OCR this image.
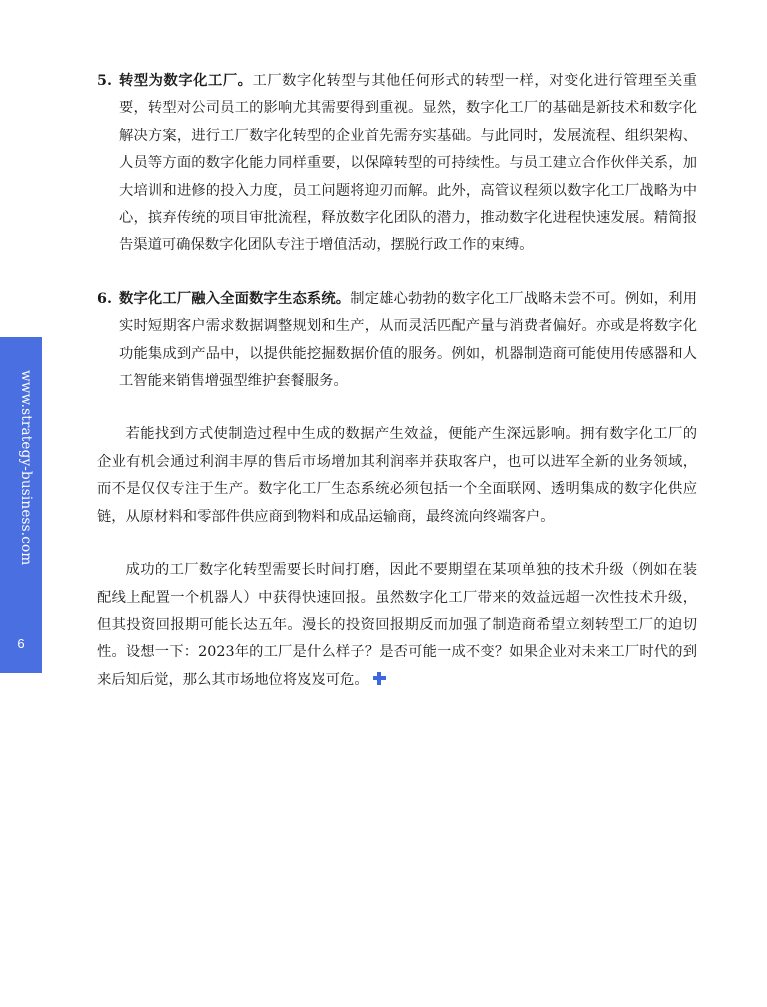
www.strategy-business.com
6
5. 转型为数字化工厂。工厂数字化转型与其他任何形式的转型一样，对变化进行管理至关重要，转型对公司员工的影响尤其需要得到重视。显然，数字化工厂的基础是新技术和数字化解决方案，进行工厂数字化转型的企业首先需夯实基础。与此同时，发展流程、组织架构、人员等方面的数字化能力同样重要，以保障转型的可持续性。与员工建立合作伙伴关系，加大培训和进修的投入力度，员工问题将迎刃而解。此外，高管议程须以数字化工厂战略为中心，摈弃传统的项目审批流程，释放数字化团队的潜力，推动数字化进程快速发展。精简报告渠道可确保数字化团队专注于增值活动，摆脱行政工作的束缚。
6. 数字化工厂融入全面数字生态系统。制定雄心勃勃的数字化工厂战略未尝不可。例如，利用实时短期客户需求数据调整规划和生产，从而灵活匹配产量与消费者偏好。亦或是将数字化功能集成到产品中，以提供能挖掘数据价值的服务。例如，机器制造商可能使用传感器和人工智能来销售增强型维护套餐服务。

若能找到方式使制造过程中生成的数据产生效益，便能产生深远影响。拥有数字化工厂的企业有机会通过利润丰厚的售后市场增加其利润率并获取客户，也可以进军全新的业务领域，而不是仅仅专注于生产。数字化工厂生态系统必须包括一个全面联网、透明集成的数字化供应链，从原材料和零部件供应商到物料和成品运输商，最终流向终端客户。

成功的工厂数字化转型需要长时间打磨，因此不要期望在某项单独的技术升级（例如在装配线上配置一个机器人）中获得快速回报。虽然数字化工厂带来的效益远超一次性技术升级，但其投资回报期可能长达五年。漫长的投资回报期反而加强了制造商希望立刻转型工厂的迫切性。设想一下：2023年的工厂是什么样子？是否可能一成不变？如果企业对未来工厂时代的到来后知后觉，那么其市场地位将岌岌可危。
